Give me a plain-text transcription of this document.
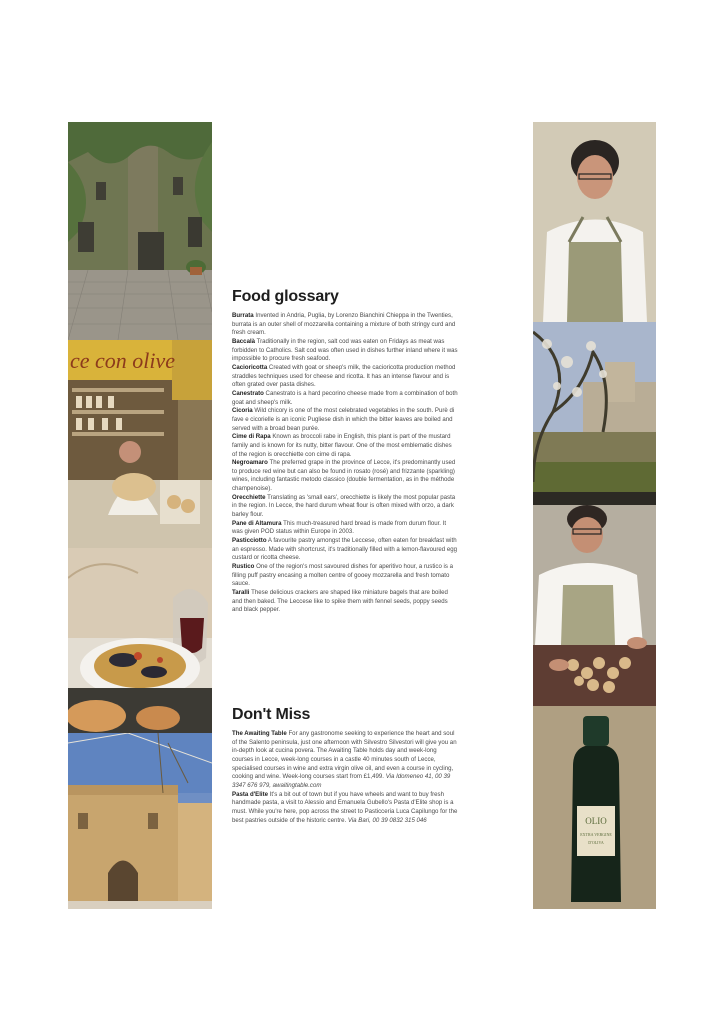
ce con olive
OLIO
EXTRA VERGINE
D'OLIVA
Food glossary

Burrata Invented in Andria, Puglia, by Lorenzo Bianchini Chieppa in the Twenties, burrata is an outer shell of mozzarella containing a mixture of both stringy curd and fresh cream.

Baccalà Traditionally in the region, salt cod was eaten on Fridays as meat was forbidden to Catholics. Salt cod was often used in dishes further inland where it was impossible to procure fresh seafood.

Cacioricotta Created with goat or sheep's milk, the cacioricotta production method straddles techniques used for cheese and ricotta. It has an intense flavour and is often grated over pasta dishes.

Canestrato Canestrato is a hard pecorino cheese made from a combination of both goat and sheep's milk.

Cicoria Wild chicory is one of the most celebrated vegetables in the south. Purè di fave e cicorielle is an iconic Pugliese dish in which the bitter leaves are boiled and served with a broad bean purée.

Cime di Rapa Known as broccoli rabe in English, this plant is part of the mustard family and is known for its nutty, bitter flavour. One of the most emblematic dishes of the region is orecchiette con cime di rapa.

Negroamaro The preferred grape in the province of Lecce, it's predominantly used to produce red wine but can also be found in rosato (rosé) and frizzante (sparkling) wines, including fantastic metodo classico (double fermentation, as in the méthode champenoise).

Orecchiette Translating as 'small ears', orecchiette is likely the most popular pasta in the region. In Lecce, the hard durum wheat flour is often mixed with orzo, a dark barley flour.

Pane di Altamura This much-treasured hard bread is made from durum flour. It was given POD status within Europe in 2003.

Pasticciotto A favourite pastry amongst the Leccese, often eaten for breakfast with an espresso. Made with shortcrust, it's traditionally filled with a lemon-flavoured egg custard or ricotta cheese.

Rustico One of the region's most savoured dishes for aperitivo hour, a rustico is a filling puff pastry encasing a molten centre of gooey mozzarella and fresh tomato sauce.

Taralli These delicious crackers are shaped like miniature bagels that are boiled and then baked. The Leccese like to spike them with fennel seeds, poppy seeds and black pepper.

Don't Miss

The Awaiting Table For any gastronome seeking to experience the heart and soul of the Salento peninsula, just one afternoon with Silvestro Silvestori will give you an in-depth look at cucina povera. The Awaiting Table holds day and week-long courses in Lecce, week-long courses in a castle 40 minutes south of Lecce, specialised courses in wine and extra virgin olive oil, and even a course in cycling, cooking and wine. Week-long courses start from £1,499. Via Idomeneo 41, 00 39 3347 676 979, awaitingtable.com

Pasta d'Elite It's a bit out of town but if you have wheels and want to buy fresh handmade pasta, a visit to Alessio and Emanuela Gubello's Pasta d'Elite shop is a must. While you're here, pop across the street to Pasticceria Luca Capilungo for the best pastries outside of the historic centre. Via Bari, 00 39 0832 315 046
